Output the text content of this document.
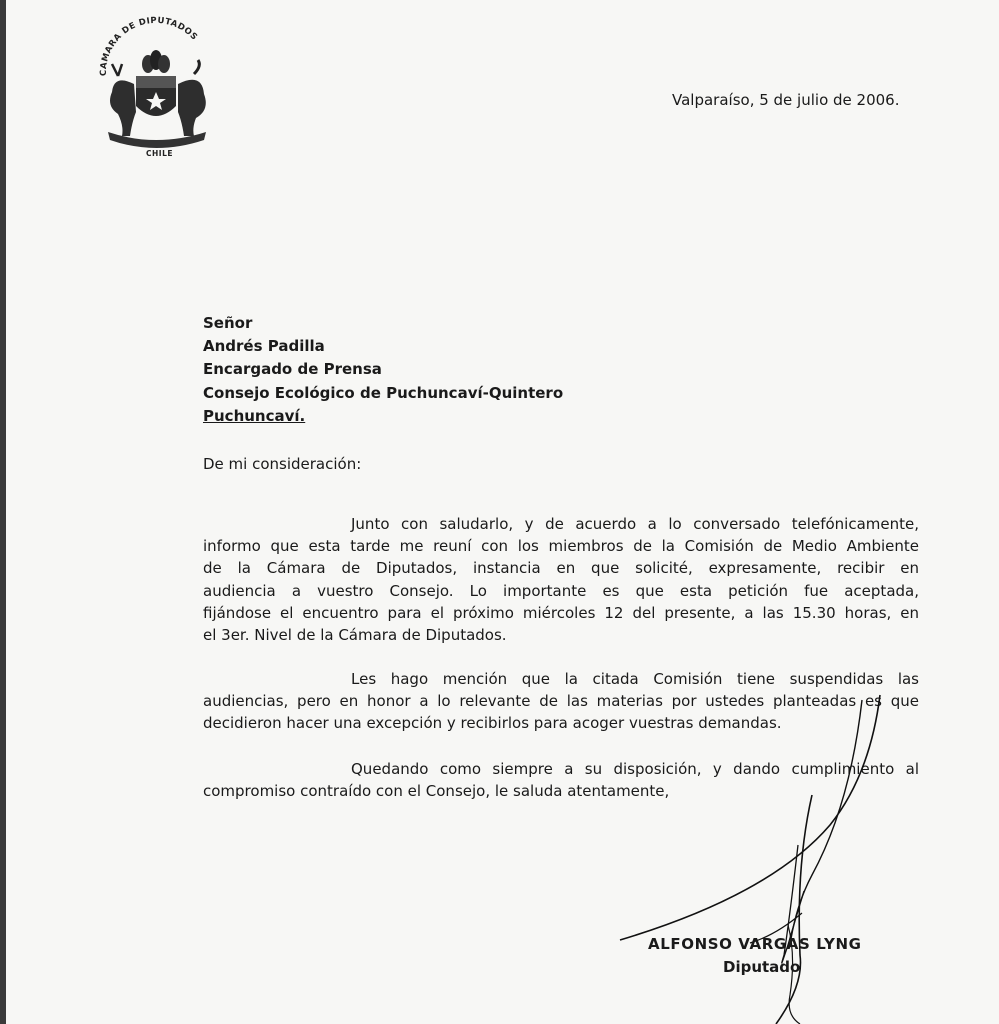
CAMARA DE DIPUTADOS
CHILE
Valparaíso, 5 de julio de 2006.
Señor
Andrés Padilla
Encargado de Prensa
Consejo Ecológico de Puchuncaví-Quintero
Puchuncaví.
De mi consideración:

Junto con saludarlo, y de acuerdo a lo conversado telefónicamente,
informo que esta tarde me reuní con los miembros de la Comisión de Medio Ambiente
de la Cámara de Diputados, instancia en que solicité, expresamente, recibir en
audiencia a vuestro Consejo. Lo importante es que esta petición fue aceptada,
fijándose el encuentro para el próximo miércoles 12 del presente, a las 15.30 horas, en
el 3er. Nivel de la Cámara de Diputados.

Les hago mención que la citada Comisión tiene suspendidas las
audiencias, pero en honor a lo relevante de las materias por ustedes planteadas es que
decidieron hacer una excepción y recibirlos para acoger vuestras demandas.

Quedando como siempre a su disposición, y dando cumplimiento al
compromiso contraído con el Consejo, le saluda atentamente,

ALFONSO VARGAS LYNG
Diputado
